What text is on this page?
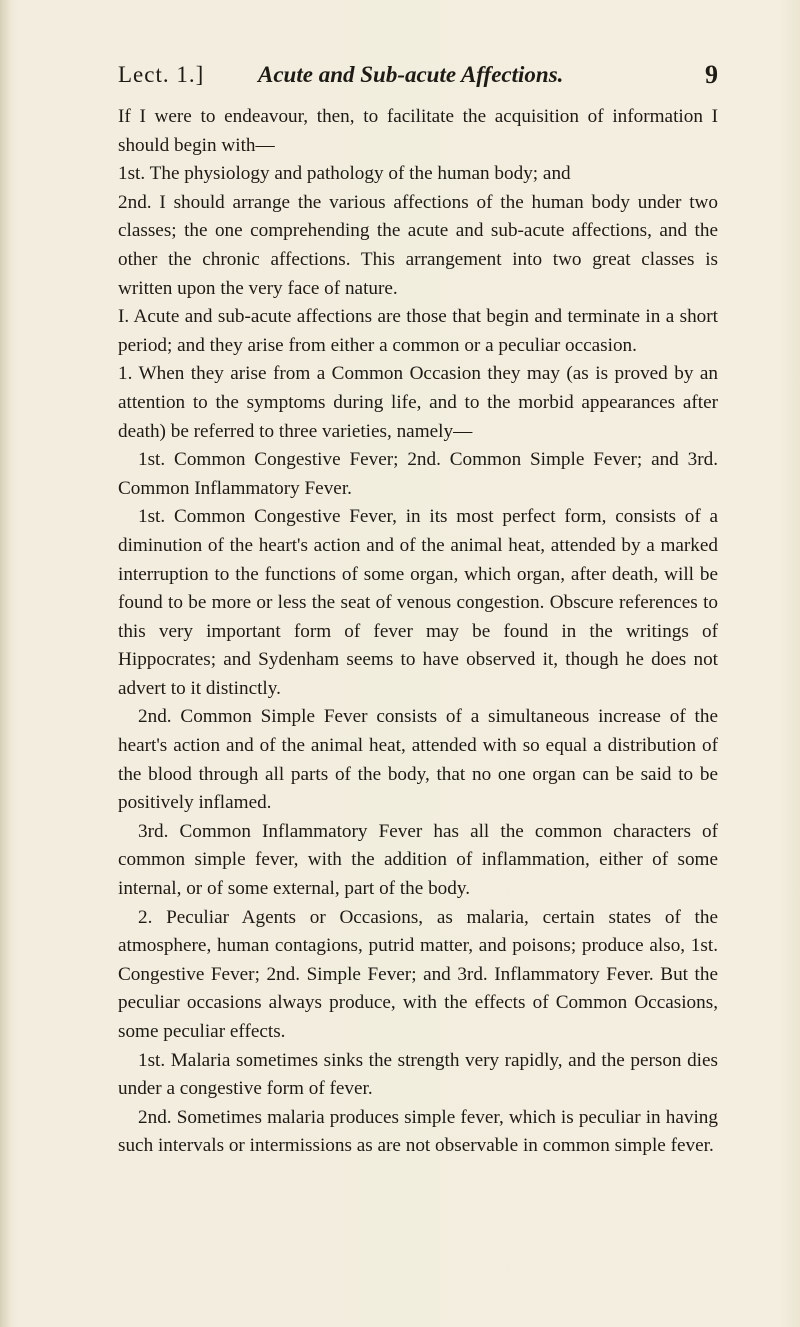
Lect. 1.] Acute and Sub-acute Affections.	9

If I were to endeavour, then, to facilitate the acquisition of information I should begin with—

1st. The physiology and pathology of the human body; and

2nd. I should arrange the various affections of the human body under two classes; the one comprehending the acute and sub-acute affections, and the other the chronic affections. This arrangement into two great classes is written upon the very face of nature.

I. Acute and sub-acute affections are those that begin and terminate in a short period; and they arise from either a common or a peculiar occasion.

1. When they arise from a Common Occasion they may (as is proved by an attention to the symptoms during life, and to the morbid appearances after death) be referred to three varieties, namely—

1st. Common Congestive Fever; 2nd. Common Simple Fever; and 3rd. Common Inflammatory Fever.

1st. Common Congestive Fever, in its most perfect form, consists of a diminution of the heart's action and of the animal heat, attended by a marked interruption to the functions of some organ, which organ, after death, will be found to be more or less the seat of venous congestion. Obscure references to this very important form of fever may be found in the writings of Hippocrates; and Sydenham seems to have observed it, though he does not advert to it distinctly.

2nd. Common Simple Fever consists of a simultaneous increase of the heart's action and of the animal heat, attended with so equal a distribution of the blood through all parts of the body, that no one organ can be said to be positively inflamed.

3rd. Common Inflammatory Fever has all the common characters of common simple fever, with the addition of inflammation, either of some internal, or of some external, part of the body.

2. Peculiar Agents or Occasions, as malaria, certain states of the atmosphere, human contagions, putrid matter, and poisons; produce also, 1st. Congestive Fever; 2nd. Simple Fever; and 3rd. Inflammatory Fever. But the peculiar occasions always produce, with the effects of Common Occasions, some peculiar effects.

1st. Malaria sometimes sinks the strength very rapidly, and the person dies under a congestive form of fever.

2nd. Sometimes malaria produces simple fever, which is peculiar in having such intervals or intermissions as are not observable in common simple fever.
